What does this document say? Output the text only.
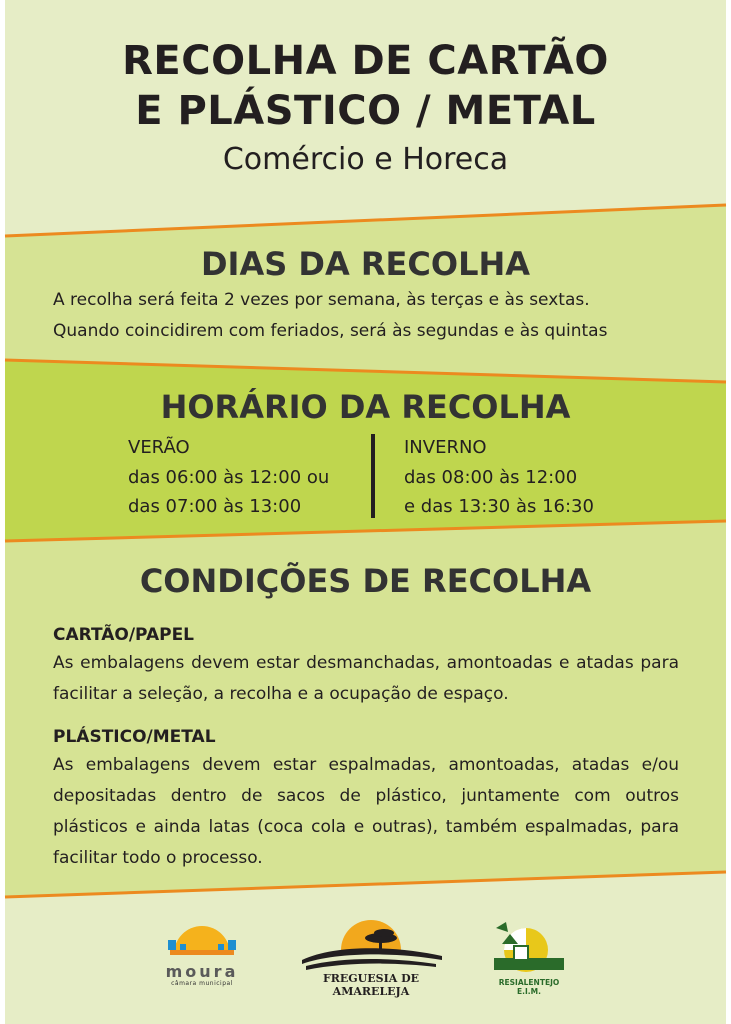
RECOLHA DE CARTÃO
E PLÁSTICO / METAL
Comércio e Horeca
DIAS DA RECOLHA
A recolha será feita 2 vezes por semana, às terças e às sextas.
Quando coincidirem com feriados, será às segundas e às quintas
HORÁRIO DA RECOLHA
VERÃO
das 06:00 às 12:00 ou
das 07:00 às 13:00
INVERNO
das 08:00 às 12:00
e das 13:30 às 16:30
CONDIÇÕES DE RECOLHA
CARTÃO/PAPEL
As embalagens devem estar desmanchadas, amontoadas e atadas para facilitar a seleção, a recolha e a ocupação de espaço.
PLÁSTICO/METAL
As embalagens devem estar espalmadas, amontoadas, atadas e/ou depositadas dentro de sacos de plástico, juntamente com outros plásticos e ainda latas (coca cola e outras), também espalmadas, para facilitar todo o processo.
moura
câmara municipal	FREGUESIA DE AMARELEJA
RESIALENTEJO E.I.M.
